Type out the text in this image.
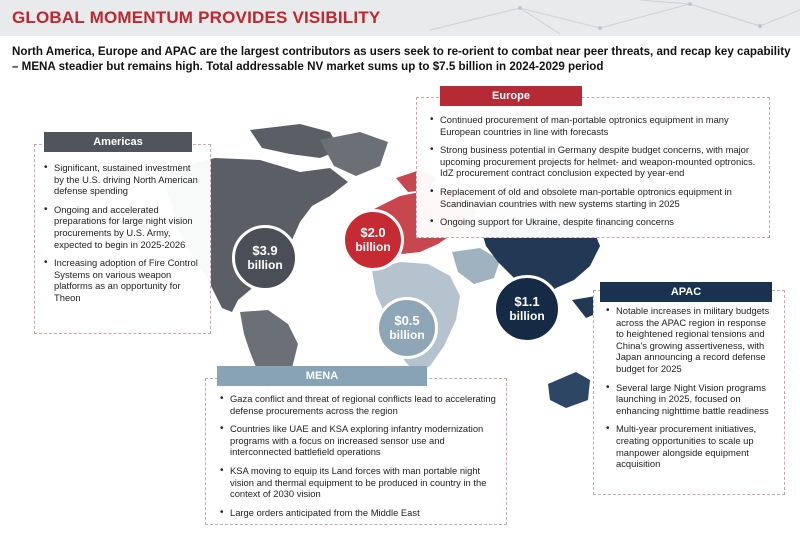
GLOBAL MOMENTUM PROVIDES VISIBILITY
North America, Europe and APAC are the largest contributors as users seek to re-orient to combat near peer threats, and recap key capability – MENA steadier but remains high. Total addressable NV market sums up to $7.5 billion in 2024-2029 period
• Significant, sustained investment by the U.S. driving North American defense spending
• Ongoing and accelerated preparations for large night vision procurements by U.S. Army, expected to begin in 2025-2026
• Increasing adoption of Fire Control Systems on various weapon platforms as an opportunity for Theon
Americas
• Continued procurement of man-portable optronics equipment in many European countries in line with forecasts
• Strong business potential in Germany despite budget concerns, with major upcoming procurement projects for helmet- and weapon-mounted optronics. IdZ procurement contract conclusion expected by year-end
• Replacement of old and obsolete man-portable optronics equipment in Scandinavian countries with new systems starting in 2025
• Ongoing support for Ukraine, despite financing concerns
Europe
• Notable increases in military budgets across the APAC region in response to heightened regional tensions and China's growing assertiveness, with Japan announcing a record defense budget for 2025
• Several large Night Vision programs launching in 2025, focused on enhancing nighttime battle readiness
• Multi-year procurement initiatives, creating opportunities to scale up manpower alongside equipment acquisition
APAC
• Gaza conflict and threat of regional conflicts lead to accelerating defense procurements across the region
• Countries like UAE and KSA exploring infantry modernization programs with a focus on increased sensor use and interconnected battlefield operations
• KSA moving to equip its Land forces with man portable night vision and thermal equipment to be produced in country in the context of 2030 vision
• Large orders anticipated from the Middle East
MENA
$3.9
billion
$2.0
billion
$0.5
billion
$1.1
billion
